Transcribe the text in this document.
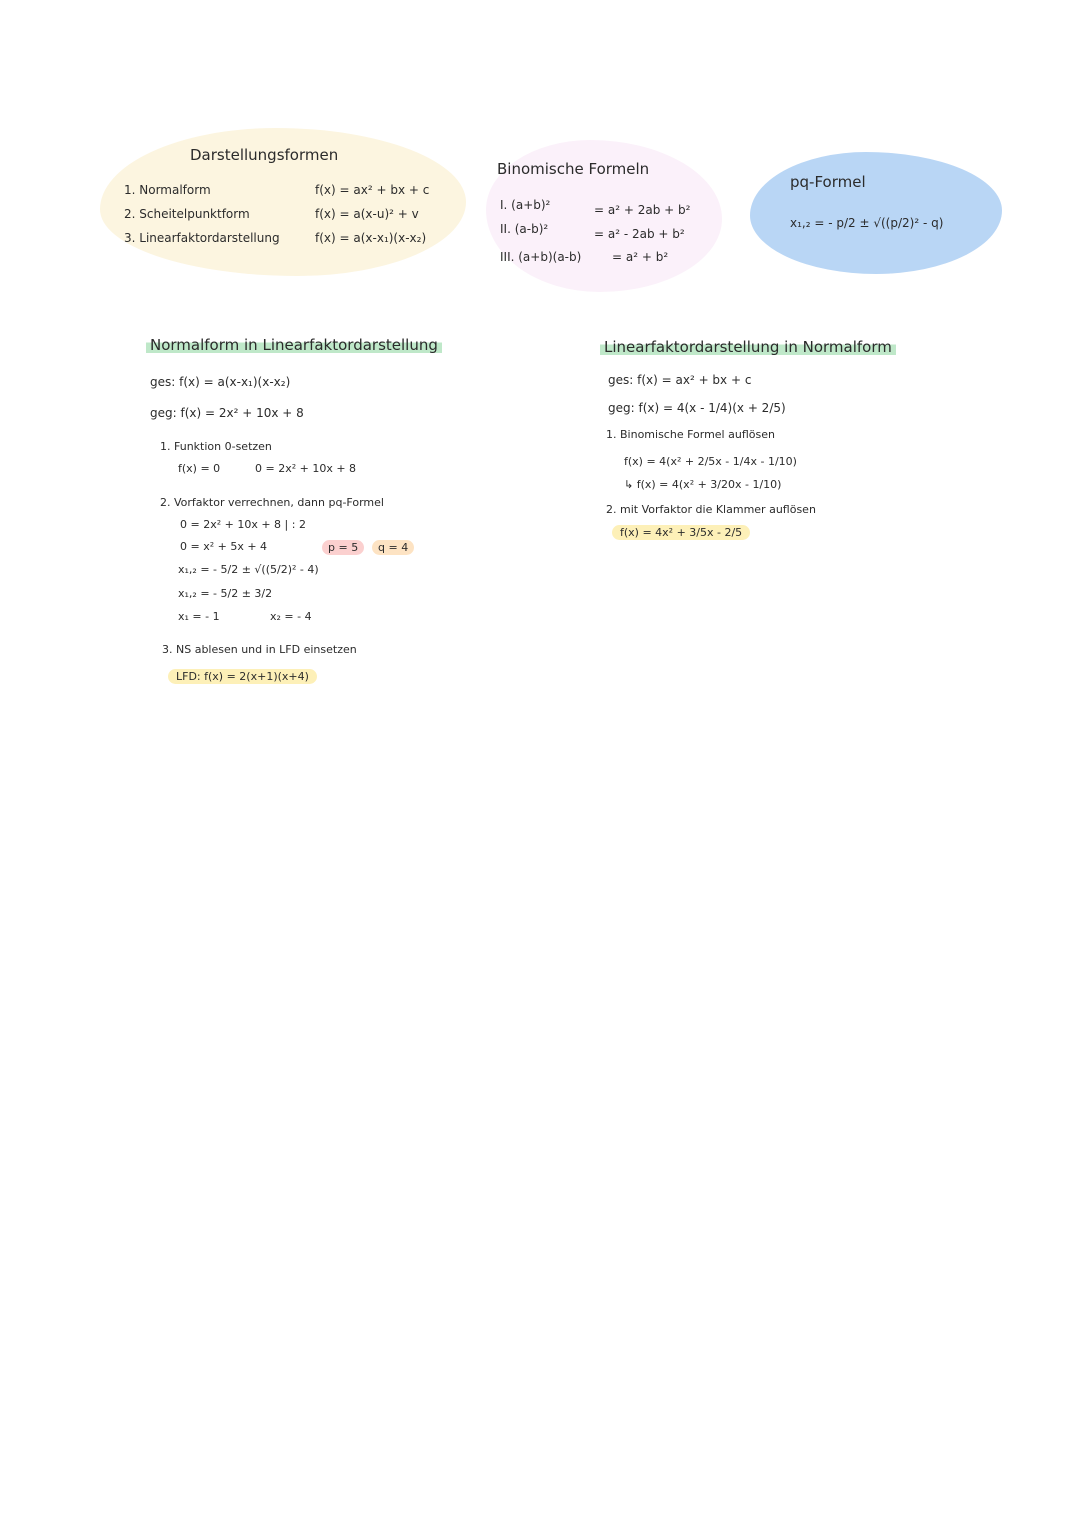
Darstellungsformen
1. Normalform	f(x) = ax² + bx + c
2. Scheitelpunktform	f(x) = a(x-u)² + v
3. Linearfaktordarstellung	f(x) = a(x-x₁)(x-x₂)
Binomische Formeln
I. (a+b)²	= a² + 2ab + b²
II. (a-b)²	= a² - 2ab + b²
III. (a+b)(a-b)	= a² + b²
pq-Formel
x₁,₂ = - p/2 ± √((p/2)² - q)
Normalform in Linearfaktordarstellung
ges: f(x) = a(x-x₁)(x-x₂)
geg: f(x) = 2x² + 10x + 8
1. Funktion 0-setzen
f(x) = 0	0 = 2x² + 10x + 8
2. Vorfaktor verrechnen, dann pq-Formel
0 = 2x² + 10x + 8 | : 2
0 = x² + 5x + 4	p = 5	q = 4
x₁,₂ = - 5/2 ± √((5/2)² - 4)
x₁,₂ = - 5/2 ± 3/2
x₁ = - 1	x₂ = - 4
3. NS ablesen und in LFD einsetzen
LFD: f(x) = 2(x+1)(x+4)
Linearfaktordarstellung in Normalform
ges: f(x) = ax² + bx + c
geg: f(x) = 4(x - 1/4)(x + 2/5)
1. Binomische Formel auflösen
f(x) = 4(x² + 2/5x - 1/4x - 1/10)
↳ f(x) = 4(x² + 3/20x - 1/10)
2. mit Vorfaktor die Klammer auflösen
f(x) = 4x² + 3/5x - 2/5
